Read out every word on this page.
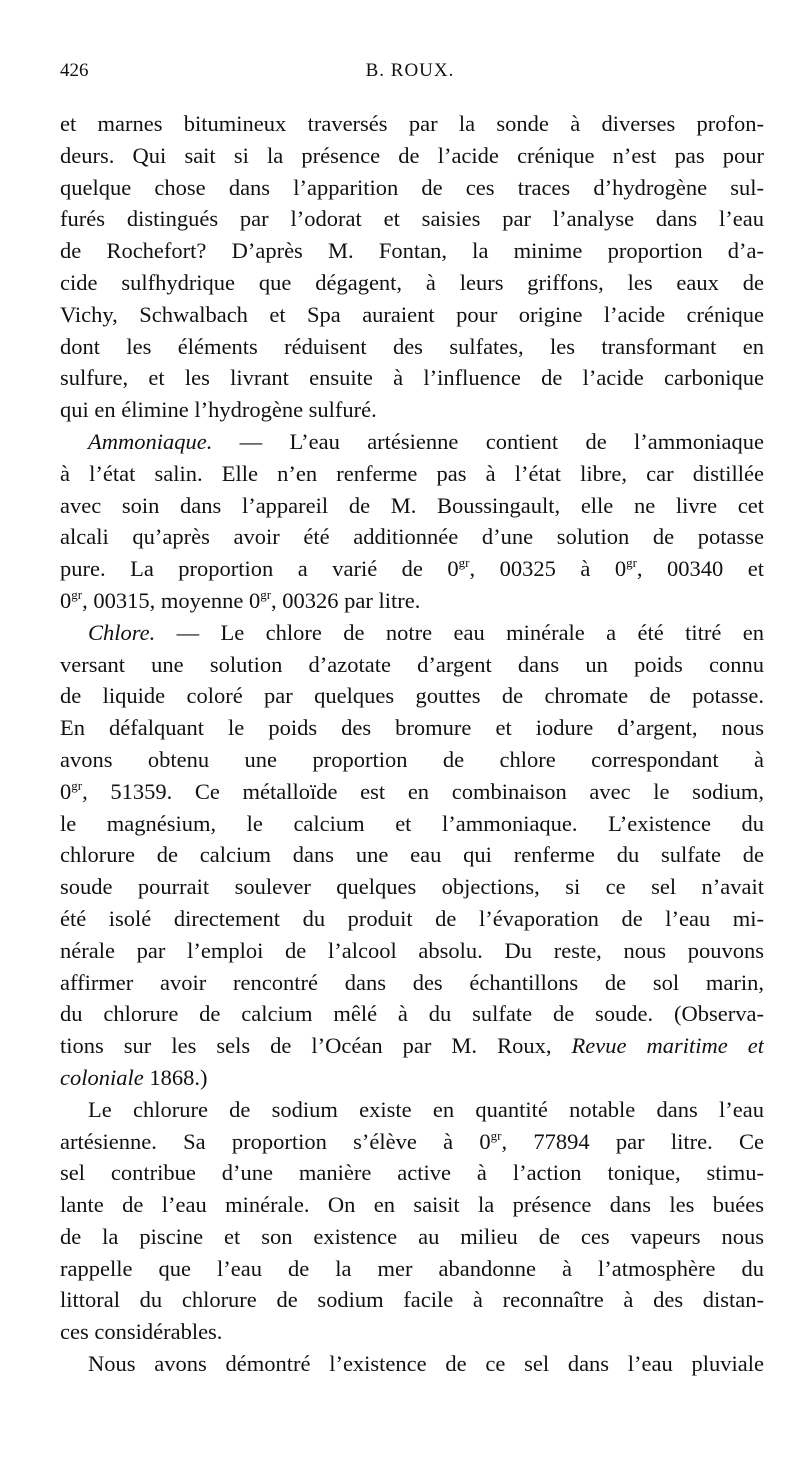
426	B. ROUX.
et marnes bitumineux traversés par la sonde à diverses profon-
deurs. Qui sait si la présence de l’acide crénique n’est pas pour
quelque chose dans l’apparition de ces traces d’hydrogène sul-
furés distingués par l’odorat et saisies par l’analyse dans l’eau
de Rochefort? D’après M. Fontan, la minime proportion d’a-
cide sulfhydrique que dégagent, à leurs griffons, les eaux de
Vichy, Schwalbach et Spa auraient pour origine l’acide crénique
dont les éléments réduisent des sulfates, les transformant en
sulfure, et les livrant ensuite à l’influence de l’acide carbonique
qui en élimine l’hydrogène sulfuré.
Ammoniaque. — L’eau artésienne contient de l’ammoniaque
à l’état salin. Elle n’en renferme pas à l’état libre, car distillée
avec soin dans l’appareil de M. Boussingault, elle ne livre cet
alcali qu’après avoir été additionnée d’une solution de potasse
pure. La proportion a varié de $0^{gr}$, 00325 à $0^{gr}$, 00340 et
$0^{gr}$, 00315, moyenne $0^{gr}$, 00326 par litre.
Chlore. — Le chlore de notre eau minérale a été titré en
versant une solution d’azotate d’argent dans un poids connu
de liquide coloré par quelques gouttes de chromate de potasse.
En défalquant le poids des bromure et iodure d’argent, nous
avons obtenu une proportion de chlore correspondant à
$0^{gr}$, 51359. Ce métalloïde est en combinaison avec le sodium,
le magnésium, le calcium et l’ammoniaque. L’existence du
chlorure de calcium dans une eau qui renferme du sulfate de
soude pourrait soulever quelques objections, si ce sel n’avait
été isolé directement du produit de l’évaporation de l’eau mi-
nérale par l’emploi de l’alcool absolu. Du reste, nous pouvons
affirmer avoir rencontré dans des échantillons de sol marin,
du chlorure de calcium mêlé à du sulfate de soude. (Observa-
tions sur les sels de l’Océan par M. Roux, Revue maritime et
coloniale 1868.)
Le chlorure de sodium existe en quantité notable dans l’eau
artésienne. Sa proportion s’élève à $0^{gr}$, 77894 par litre. Ce
sel contribue d’une manière active à l’action tonique, stimu-
lante de l’eau minérale. On en saisit la présence dans les buées
de la piscine et son existence au milieu de ces vapeurs nous
rappelle que l’eau de la mer abandonne à l’atmosphère du
littoral du chlorure de sodium facile à reconnaître à des distan-
ces considérables.
Nous avons démontré l’existence de ce sel dans l’eau pluviale
